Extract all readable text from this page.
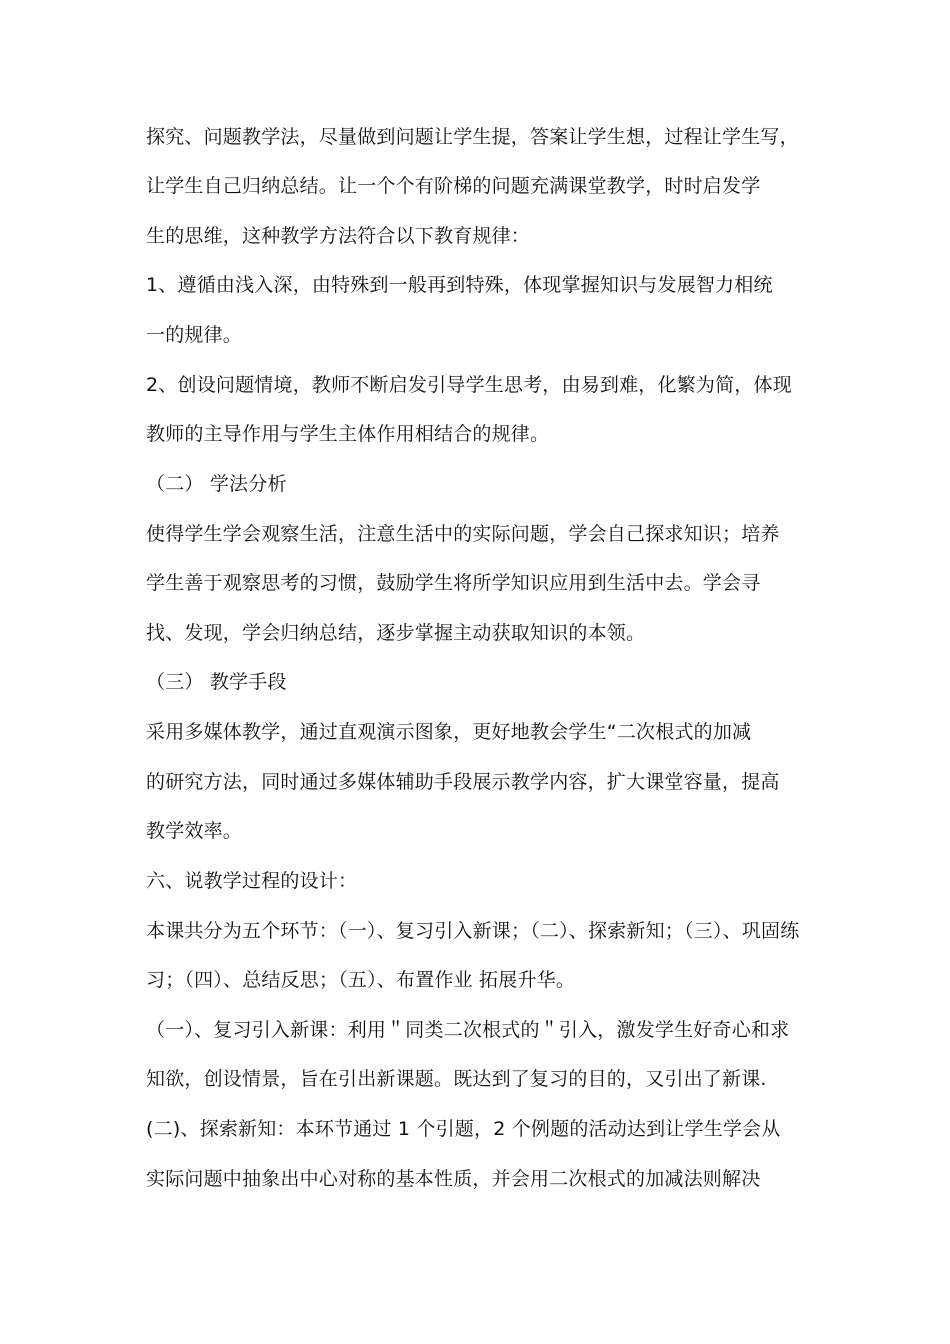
探究、问题教学法，尽量做到问题让学生提，答案让学生想，过程让学生写，
让学生自己归纳总结。让一个个有阶梯的问题充满课堂教学，时时启发学
生的思维，这种教学方法符合以下教育规律：
1、遵循由浅入深，由特殊到一般再到特殊，体现掌握知识与发展智力相统
一的规律。
2、创设问题情境，教师不断启发引导学生思考，由易到难，化繁为简，体现
教师的主导作用与学生主体作用相结合的规律。
（二） 学法分析
使得学生学会观察生活，注意生活中的实际问题，学会自己探求知识；培养
学生善于观察思考的习惯，鼓励学生将所学知识应用到生活中去。学会寻
找、发现，学会归纳总结，逐步掌握主动获取知识的本领。
（三） 教学手段
采用多媒体教学，通过直观演示图象，更好地教会学生“二次根式的加减
的研究方法，同时通过多媒体辅助手段展示教学内容，扩大课堂容量，提高
教学效率。
六、说教学过程的设计：
本课共分为五个环节：（一）、复习引入新课；（二）、探索新知；（三）、巩固练
习；（四）、总结反思；（五）、布置作业 拓展升华。
（一）、复习引入新课：利用＂同类二次根式的＂引入，激发学生好奇心和求
知欲，创设情景，旨在引出新课题。既达到了复习的目的，又引出了新课.
(二)、探索新知：本环节通过 1 个引题，2 个例题的活动达到让学生学会从
实际问题中抽象出中心对称的基本性质，并会用二次根式的加减法则解决
